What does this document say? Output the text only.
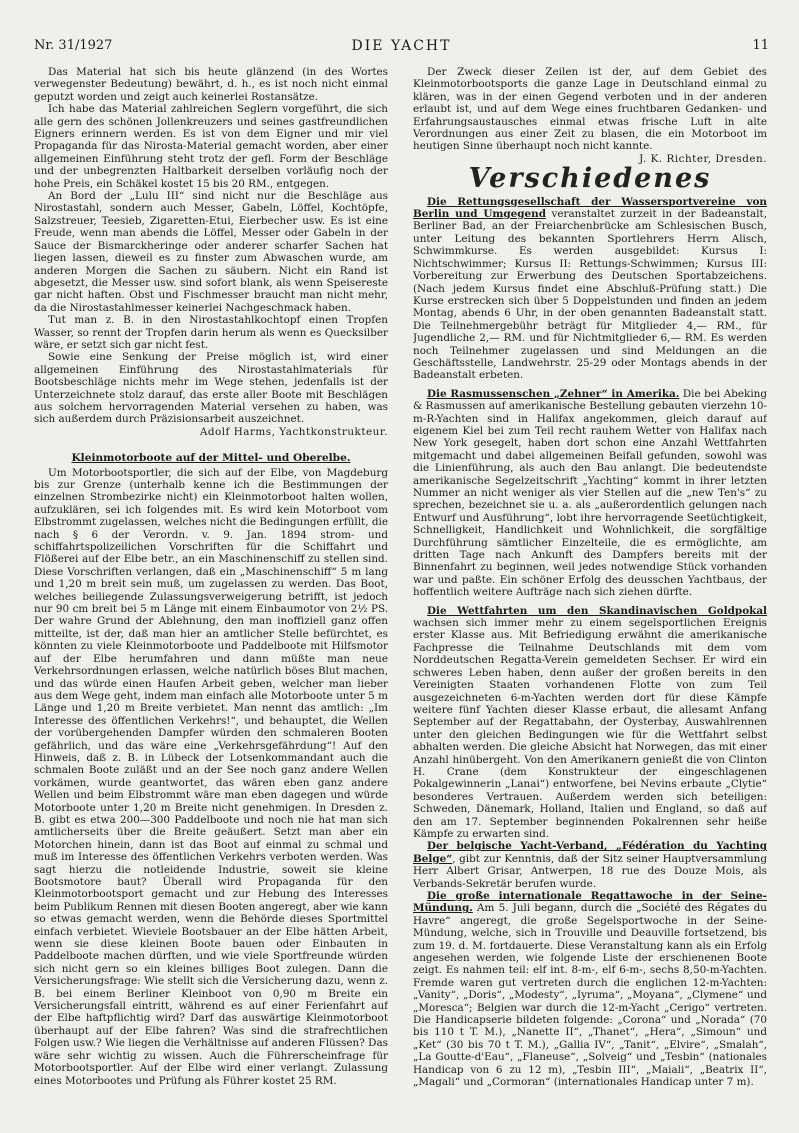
Nr. 31/1927	DIE YACHT	11

Das Material hat sich bis heute glänzend (in des Wortes verwegenster Bedeutung) bewährt, d. h., es ist noch nicht einmal geputzt worden und zeigt auch keinerlei Rostansätze.

Ich habe das Material zahlreichen Seglern vorgeführt, die sich alle gern des schönen Jollenkreuzers und seines gastfreundlichen Eigners erinnern werden. Es ist von dem Eigner und mir viel Propaganda für das Nirosta-Material gemacht worden, aber einer allgemeinen Einführung steht trotz der gefl. Form der Beschläge und der unbegrenzten Haltbarkeit derselben vorläufig noch der hohe Preis, ein Schäkel kostet 15 bis 20 RM., entgegen.

An Bord der „Lulu III“ sind nicht nur die Beschläge aus Nirostastahl, sondern auch Messer, Gabeln, Löffel, Kochtöpfe, Salzstreuer, Teesieb, Zigaretten-Etui, Eierbecher usw. Es ist eine Freude, wenn man abends die Löffel, Messer oder Gabeln in der Sauce der Bismarckheringe oder anderer scharfer Sachen hat liegen lassen, dieweil es zu finster zum Abwaschen wurde, am anderen Morgen die Sachen zu säubern. Nicht ein Rand ist abgesetzt, die Messer usw. sind sofort blank, als wenn Speisereste gar nicht haften. Obst und Fischmesser braucht man nicht mehr, da die Nirostastahlmesser keinerlei Nachgeschmack haben.

Tut man z. B. in den Nirostastahlkochtopf einen Tropfen Wasser, so rennt der Tropfen darin herum als wenn es Quecksilber wäre, er setzt sich gar nicht fest.

Sowie eine Senkung der Preise möglich ist, wird einer allgemeinen Einführung des Nirostastahlmaterials für Bootsbeschläge nichts mehr im Wege stehen, jedenfalls ist der Unterzeichnete stolz darauf, das erste aller Boote mit Beschlägen aus solchem hervorragenden Material versehen zu haben, was sich außerdem durch Präzisionsarbeit auszeichnet.

Adolf Harms, Yachtkonstrukteur.
Kleinmotorboote auf der Mittel- und Oberelbe.

Um Motorbootsportler, die sich auf der Elbe, von Magdeburg bis zur Grenze (unterhalb kenne ich die Bestimmungen der einzelnen Strombezirke nicht) ein Kleinmotorboot halten wollen, aufzuklären, sei ich folgendes mit. Es wird kein Motorboot vom Elbstrommt zugelassen, welches nicht die Bedingungen erfüllt, die nach § 6 der Verordn. v. 9. Jan. 1894 strom- und schiffahrtspolizeilichen Vorschriften für die Schiffahrt und Flößerei auf der Elbe betr., an ein Maschinenschiff zu stellen sind. Diese Vorschriften verlangen, daß ein „Maschinenschiff“ 5 m lang und 1,20 m breit sein muß, um zugelassen zu werden. Das Boot, welches beiliegende Zulassungsverweigerung betrifft, ist jedoch nur 90 cm breit bei 5 m Länge mit einem Einbaumotor von 2½ PS. Der wahre Grund der Ablehnung, den man inoffiziell ganz offen mitteilte, ist der, daß man hier an amtlicher Stelle befürchtet, es könnten zu viele Kleinmotorboote und Paddelboote mit Hilfsmotor auf der Elbe herumfahren und dann müßte man neue Verkehrsordnungen erlassen, welche natürlich böses Blut machen, und das würde einen Haufen Arbeit geben, welcher man lieber aus dem Wege geht, indem man einfach alle Motorboote unter 5 m Länge und 1,20 m Breite verbietet. Man nennt das amtlich: „Im Interesse des öffentlichen Verkehrs!“, und behauptet, die Wellen der vorübergehenden Dampfer würden den schmaleren Booten gefährlich, und das wäre eine „Verkehrsgefährdung“! Auf den Hinweis, daß z. B. in Lübeck der Lotsenkommandant auch die schmalen Boote zuläßt und an der See noch ganz andere Wellen vorkämen, wurde geantwortet, das wären eben ganz andere Wellen und beim Elbstrommt wäre man eben dagegen und würde Motorboote unter 1,20 m Breite nicht genehmigen. In Dresden z. B. gibt es etwa 200—300 Paddelboote und noch nie hat man sich amtlicherseits über die Breite geäußert. Setzt man aber ein Motorchen hinein, dann ist das Boot auf einmal zu schmal und muß im Interesse des öffentlichen Verkehrs verboten werden. Was sagt hierzu die notleidende Industrie, soweit sie kleine Bootsmotore baut? Überall wird Propaganda für den Kleinmotorbootsport gemacht und zur Hebung des Interesses beim Publikum Rennen mit diesen Booten angeregt, aber wie kann so etwas gemacht werden, wenn die Behörde dieses Sportmittel einfach verbietet. Wieviele Bootsbauer an der Elbe hätten Arbeit, wenn sie diese kleinen Boote bauen oder Einbauten in Paddelboote machen dürften, und wie viele Sportfreunde würden sich nicht gern so ein kleines billiges Boot zulegen. Dann die Versicherungsfrage: Wie stellt sich die Versicherung dazu, wenn z. B. bei einem Berliner Kleinboot von 0,90 m Breite ein Versicherungsfall eintritt, während es auf einer Ferienfahrt auf der Elbe haftpflichtig wird? Darf das auswärtige Kleinmotorboot überhaupt auf der Elbe fahren? Was sind die strafrechtlichen Folgen usw.? Wie liegen die Verhältnisse auf anderen Flüssen? Das wäre sehr wichtig zu wissen. Auch die Führerscheinfrage für Motorbootsportler. Auf der Elbe wird einer verlangt. Zulassung eines Motorbootes und Prüfung als Führer kostet 25 RM.

Der Zweck dieser Zeilen ist der, auf dem Gebiet des Kleinmotorbootsports die ganze Lage in Deutschland einmal zu klären, was in der einen Gegend verboten und in der anderen erlaubt ist, und auf dem Wege eines fruchtbaren Gedanken- und Erfahrungsaustausches einmal etwas frische Luft in alte Verordnungen aus einer Zeit zu blasen, die ein Motorboot im heutigen Sinne überhaupt noch nicht kannte.

J. K. Richter, Dresden.
Verschiedenes

Die Rettungsgesellschaft der Wassersportvereine von Berlin und Umgegend veranstaltet zurzeit in der Badeanstalt, Berliner Bad, an der Freiarchenbrücke am Schlesischen Busch, unter Leitung des bekannten Sportlehrers Herrn Alisch, Schwimmkurse. Es werden ausgebildet: Kursus I: Nichtschwimmer; Kursus II: Rettungs-Schwimmen; Kursus III: Vorbereitung zur Erwerbung des Deutschen Sportabzeichens. (Nach jedem Kursus findet eine Abschluß-Prüfung statt.) Die Kurse erstrecken sich über 5 Doppelstunden und finden an jedem Montag, abends 6 Uhr, in der oben genannten Badeanstalt statt. Die Teilnehmergebühr beträgt für Mitglieder 4,— RM., für Jugendliche 2,— RM. und für Nichtmitglieder 6,— RM. Es werden noch Teilnehmer zugelassen und sind Meldungen an die Geschäftsstelle, Landwehrstr. 25-29 oder Montags abends in der Badeanstalt erbeten.

Die Rasmussenschen „Zehner“ in Amerika. Die bei Abeking & Rasmussen auf amerikanische Bestellung gebauten vierzehn 10-m-R-Yachten sind in Halifax angekommen, gleich darauf auf eigenem Kiel bei zum Teil recht rauhem Wetter von Halifax nach New York gesegelt, haben dort schon eine Anzahl Wettfahrten mitgemacht und dabei allgemeinen Beifall gefunden, sowohl was die Linienführung, als auch den Bau anlangt. Die bedeutendste amerikanische Segelzeitschrift „Yachting“ kommt in ihrer letzten Nummer an nicht weniger als vier Stellen auf die „new Ten's“ zu sprechen, bezeichnet sie u. a. als „außerordentlich gelungen nach Entwurf und Ausführung“, lobt ihre hervorragende Seetüchtigkeit, Schnelligkeit, Handlichkeit und Wohnlichkeit, die sorgfältige Durchführung sämtlicher Einzelteile, die es ermöglichte, am dritten Tage nach Ankunft des Dampfers bereits mit der Binnenfahrt zu beginnen, weil jedes notwendige Stück vorhanden war und paßte. Ein schöner Erfolg des deusschen Yachtbaus, der hoffentlich weitere Aufträge nach sich ziehen dürfte.

Die Wettfahrten um den Skandinavischen Goldpokal wachsen sich immer mehr zu einem segelsportlichen Ereignis erster Klasse aus. Mit Befriedigung erwähnt die amerikanische Fachpresse die Teilnahme Deutschlands mit dem vom Norddeutschen Regatta-Verein gemeldeten Sechser. Er wird ein schweres Leben haben, denn außer der großen bereits in den Vereinigten Staaten vorhandenen Flotte von zum Teil ausgezeichneten 6-m-Yachten werden dort für diese Kämpfe weitere fünf Yachten dieser Klasse erbaut, die allesamt Anfang September auf der Regattabahn, der Oysterbay, Auswahlrennen unter den gleichen Bedingungen wie für die Wettfahrt selbst abhalten werden. Die gleiche Absicht hat Norwegen, das mit einer Anzahl hinübergeht. Von den Amerikanern genießt die von Clinton H. Crane (dem Konstrukteur der eingeschlagenen Pokalgewinnerin „Lanai“) entworfene, bei Nevins erbaute „Clytie“ besonderes Vertrauen. Außerdem werden sich beteiligen: Schweden, Dänemark, Holland, Italien und England, so daß auf den am 17. September beginnenden Pokalrennen sehr heiße Kämpfe zu erwarten sind.

Der belgische Yacht-Verband, „Fédération du Yachting Belge“, gibt zur Kenntnis, daß der Sitz seiner Hauptversammlung Herr Albert Grisar, Antwerpen, 18 rue des Douze Mois, als Verbands-Sekretär berufen wurde.

Die große internationale Regattawoche in der Seine-Mündung. Am 5. Juli begann, durch die „Société des Régates du Havre“ angeregt, die große Segelsportwoche in der Seine-Mündung, welche, sich in Trouville und Deauville fortsetzend, bis zum 19. d. M. fortdauerte. Diese Veranstaltung kann als ein Erfolg angesehen werden, wie folgende Liste der erschienenen Boote zeigt. Es nahmen teil: elf int. 8-m-, elf 6-m-, sechs 8,50-m-Yachten. Fremde waren gut vertreten durch die englichen 12-m-Yachten: „Vanity“, „Doris“, „Modesty“, „Iyruma“, „Moyana“, „Clymene“ und „Moresca“; Belgien war durch die 12-m-Yacht „Cerigo“ vertreten. Die Handicapserie bildeten folgende: „Corona“ und „Norada“ (70 bis 110 t T. M.), „Nanette II“, „Thanet“, „Hera“, „Simoun“ und „Ket“ (30 bis 70 t T. M.), „Gallia IV“, „Tanit“, „Elvire“, „Smalah“, „La Goutte-d'Eau“, „Flaneuse“, „Solveig“ und „Tesbin“ (nationales Handicap von 6 zu 12 m), „Tesbin III“, „Maiali“, „Beatrix II“, „Magali“ und „Cormoran“ (internationales Handicap unter 7 m).
